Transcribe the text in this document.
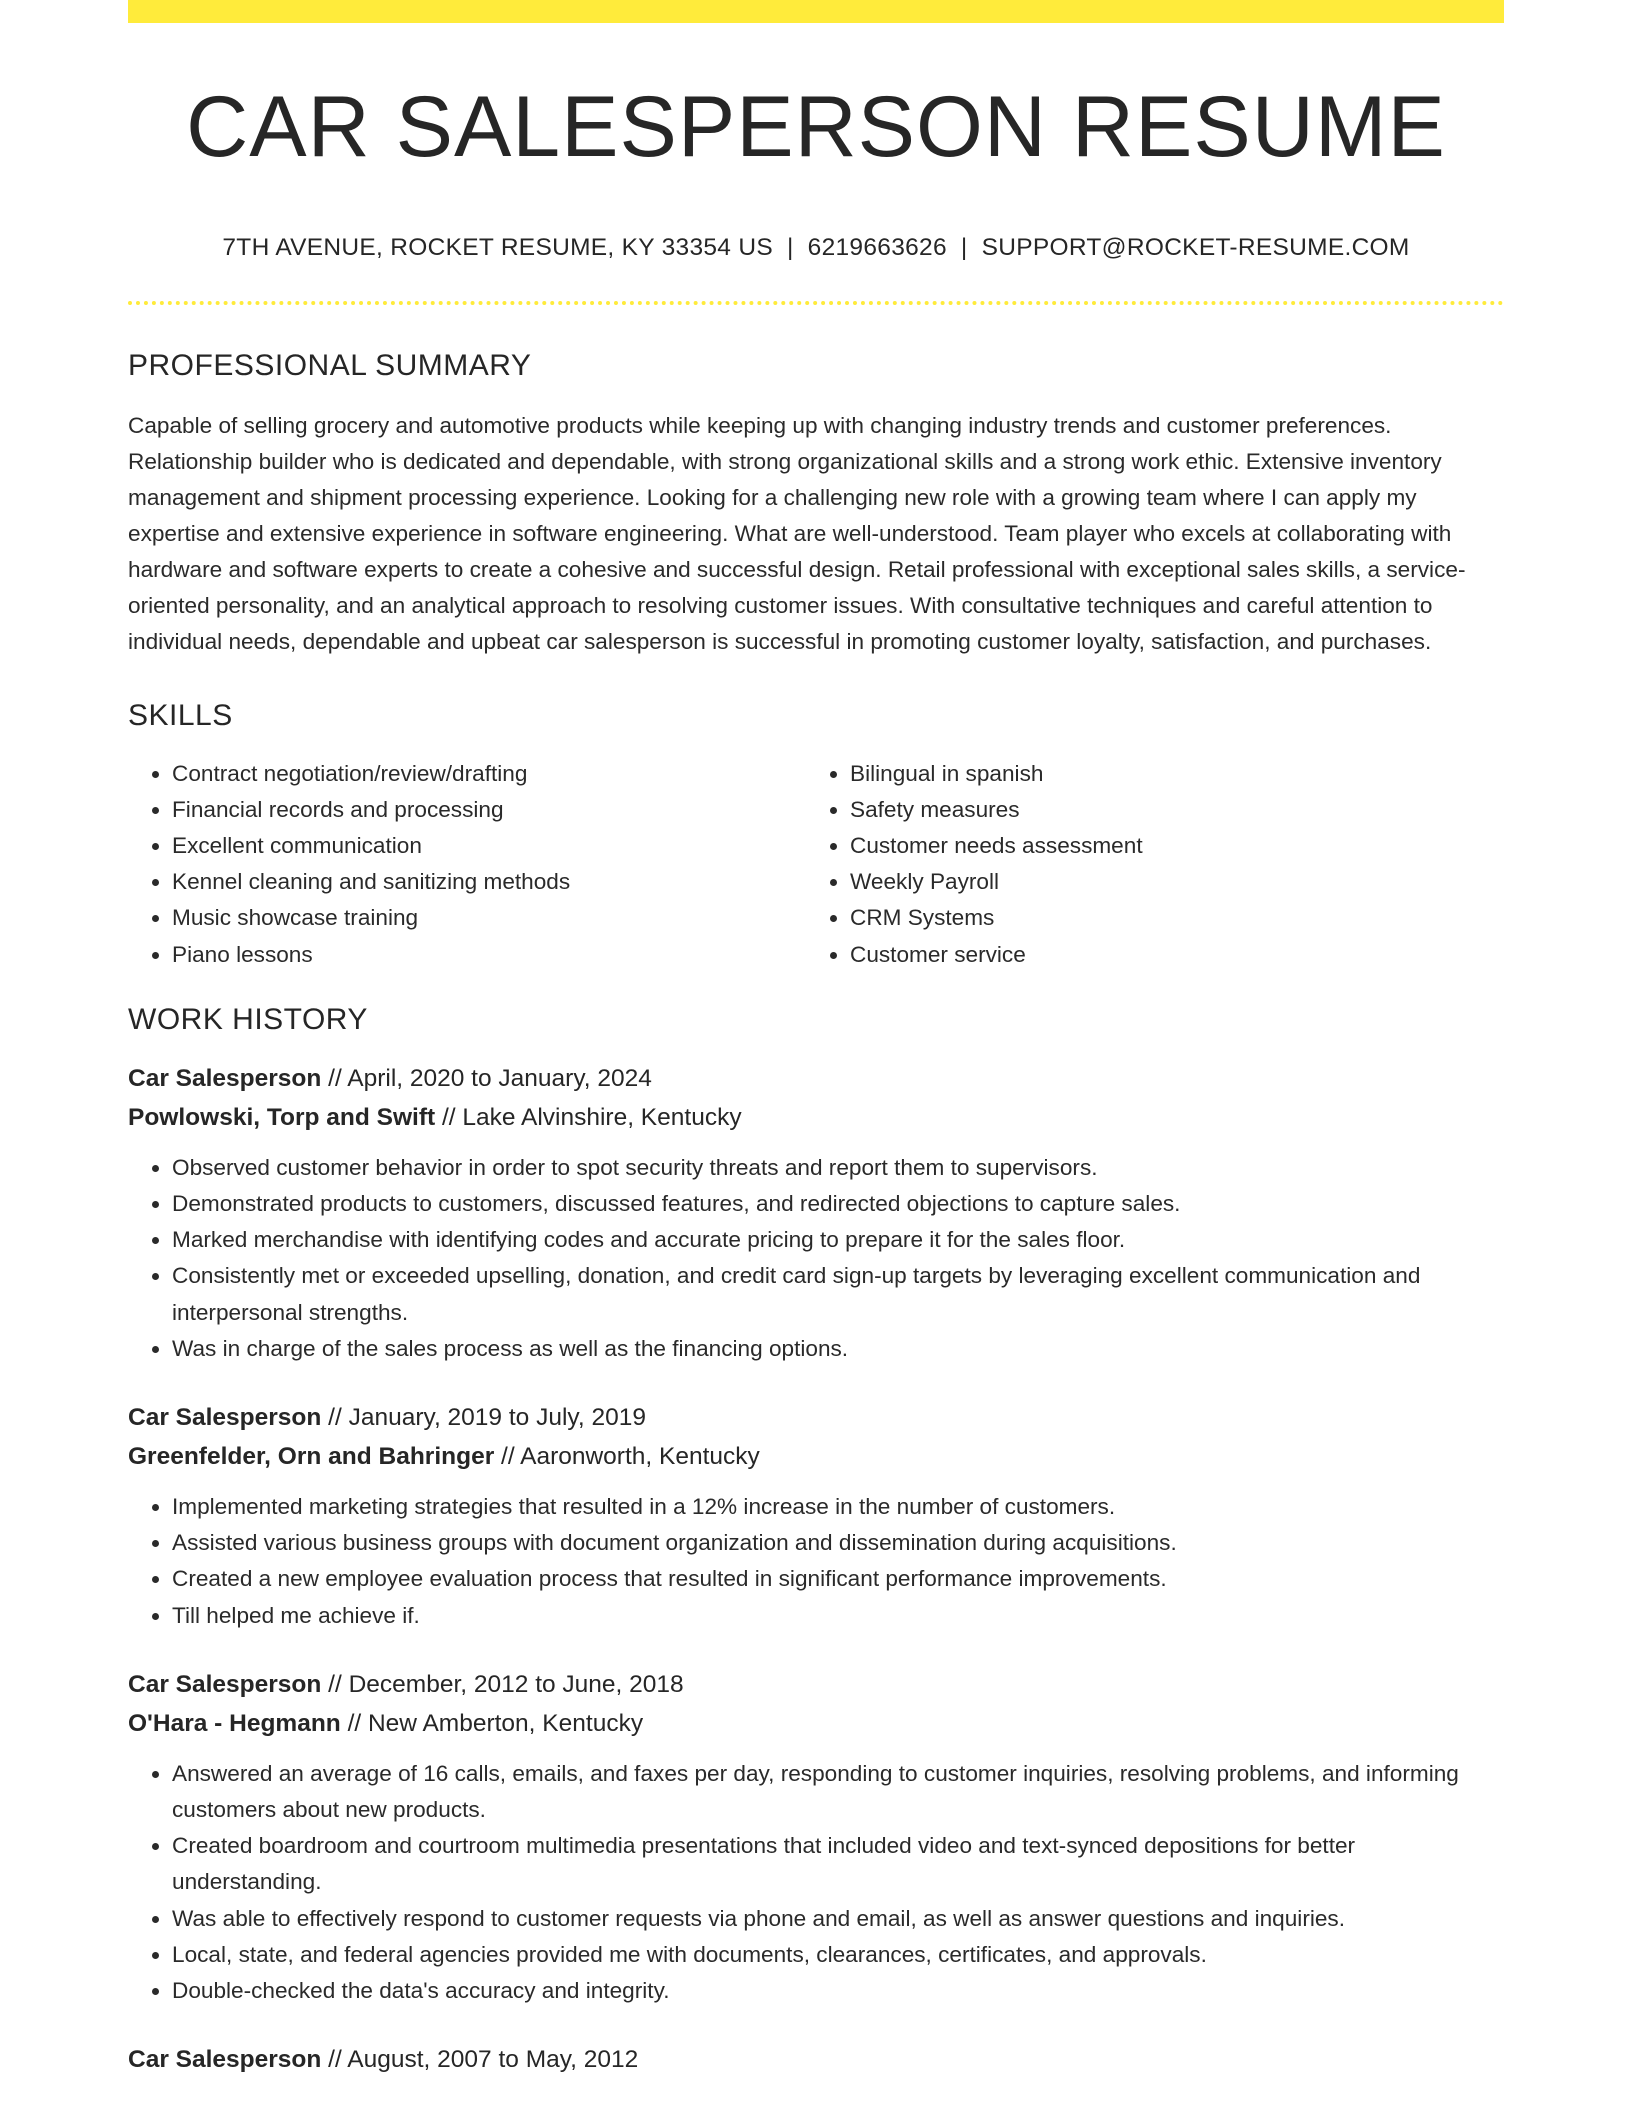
CAR SALESPERSON RESUME
7TH AVENUE, ROCKET RESUME, KY 33354 US | 6219663626 | SUPPORT@ROCKET-RESUME.COM
PROFESSIONAL SUMMARY

Capable of selling grocery and automotive products while keeping up with changing industry trends and customer preferences. Relationship builder who is dedicated and dependable, with strong organizational skills and a strong work ethic. Extensive inventory management and shipment processing experience. Looking for a challenging new role with a growing team where I can apply my expertise and extensive experience in software engineering. What are well-understood. Team player who excels at collaborating with hardware and software experts to create a cohesive and successful design. Retail professional with exceptional sales skills, a service-oriented personality, and an analytical approach to resolving customer issues. With consultative techniques and careful attention to individual needs, dependable and upbeat car salesperson is successful in promoting customer loyalty, satisfaction, and purchases.

SKILLS
• Contract negotiation/review/drafting
• Financial records and processing
• Excellent communication
• Kennel cleaning and sanitizing methods
• Music showcase training
• Piano lessons
• Bilingual in spanish
• Safety measures
• Customer needs assessment
• Weekly Payroll
• CRM Systems
• Customer service
WORK HISTORY
Car Salesperson // April, 2020 to January, 2024
Powlowski, Torp and Swift // Lake Alvinshire, Kentucky
• Observed customer behavior in order to spot security threats and report them to supervisors.
• Demonstrated products to customers, discussed features, and redirected objections to capture sales.
• Marked merchandise with identifying codes and accurate pricing to prepare it for the sales floor.
• Consistently met or exceeded upselling, donation, and credit card sign-up targets by leveraging excellent communication and interpersonal strengths.
• Was in charge of the sales process as well as the financing options.
Car Salesperson // January, 2019 to July, 2019
Greenfelder, Orn and Bahringer // Aaronworth, Kentucky
• Implemented marketing strategies that resulted in a 12% increase in the number of customers.
• Assisted various business groups with document organization and dissemination during acquisitions.
• Created a new employee evaluation process that resulted in significant performance improvements.
• Till helped me achieve if.
Car Salesperson // December, 2012 to June, 2018
O'Hara - Hegmann // New Amberton, Kentucky
• Answered an average of 16 calls, emails, and faxes per day, responding to customer inquiries, resolving problems, and informing customers about new products.
• Created boardroom and courtroom multimedia presentations that included video and text-synced depositions for better understanding.
• Was able to effectively respond to customer requests via phone and email, as well as answer questions and inquiries.
• Local, state, and federal agencies provided me with documents, clearances, certificates, and approvals.
• Double-checked the data's accuracy and integrity.
Car Salesperson // August, 2007 to May, 2012
